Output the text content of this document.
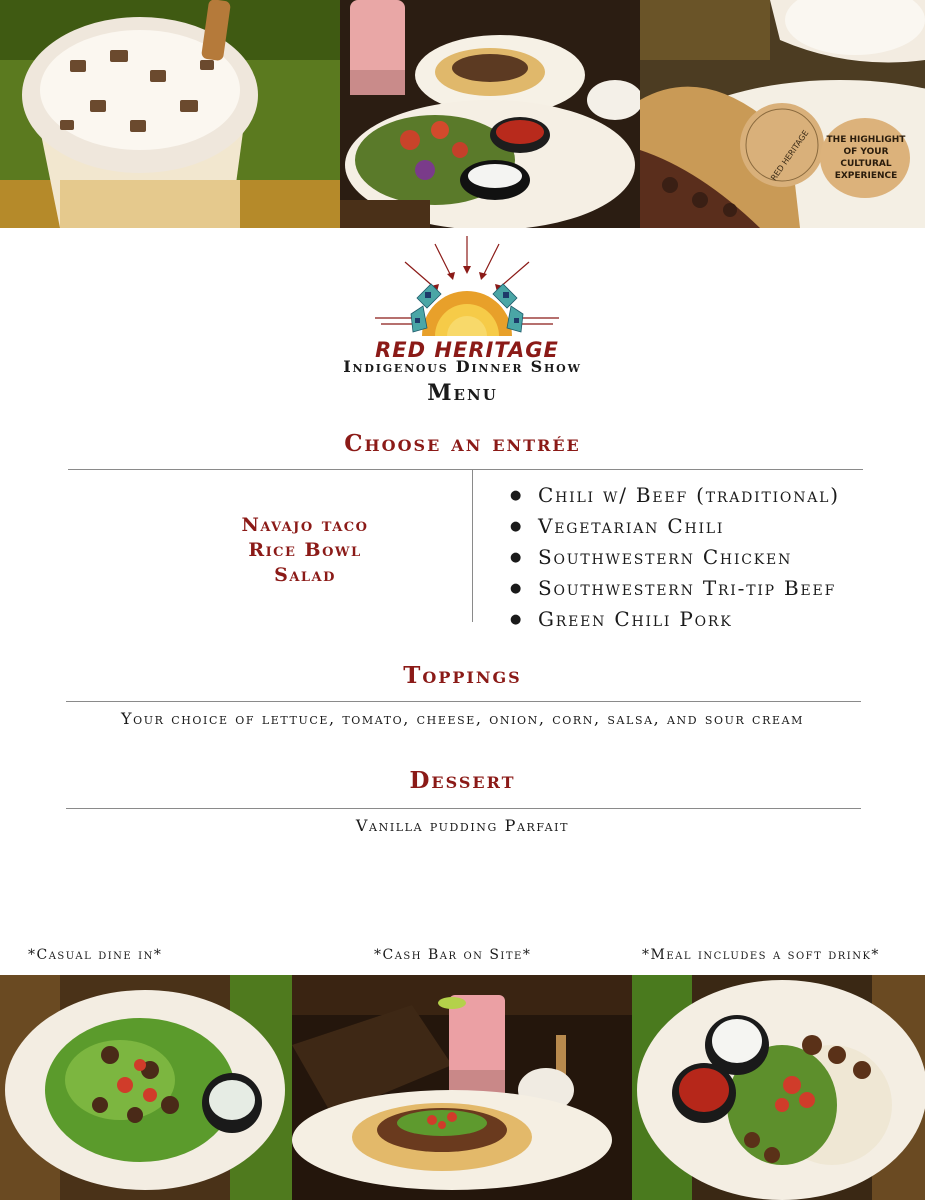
RED HERITAGE THE HIGHLIGHT
OF YOUR
CULTURAL
EXPERIENCE
RED HERITAGE
Indigenous Dinner Show
Menu
Choose an entrée
Navajo taco
Rice Bowl
Salad
● Chili w/ Beef (traditional)
● Vegetarian Chili
● Southwestern Chicken
● Southwestern Tri-tip Beef
● Green Chili Pork
Toppings
Your choice of lettuce, tomato, cheese, onion, corn, salsa, and sour cream
Dessert
Vanilla pudding Parfait
*Casual dine in*	*Cash Bar on Site*	*Meal includes a soft drink*
